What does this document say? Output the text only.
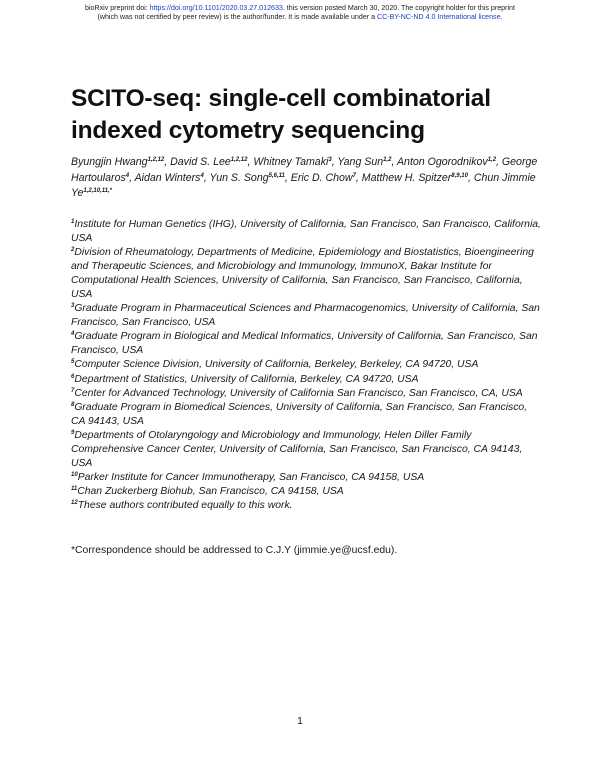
bioRxiv preprint doi: https://doi.org/10.1101/2020.03.27.012633. this version posted March 30, 2020. The copyright holder for this preprint
(which was not certified by peer review) is the author/funder. It is made available under a CC-BY-NC-ND 4.0 International license.
SCITO-seq: single-cell combinatorial indexed cytometry sequencing

Byungjin Hwang$^{1,2,12}$, David S. Lee$^{1,2,12}$, Whitney Tamaki$^3$, Yang Sun$^{1,2}$, Anton Ogorodnikov$^{1,2}$, George Hartoularos$^4$, Aidan Winters$^4$, Yun S. Song$^{5,6,11}$, Eric D. Chow$^7$, Matthew H. Spitzer$^{8,9,10}$, Chun Jimmie $Ye^{1,2,10,11,*}$

$^1$Institute for Human Genetics (IHG), University of California, San Francisco, San Francisco, California, USA
$^2$Division of Rheumatology, Departments of Medicine, Epidemiology and Biostatistics, Bioengineering and Therapeutic Sciences, and Microbiology and Immunology, ImmunoX, Bakar Institute for Computational Health Sciences, University of California, San Francisco, San Francisco, California, USA
$^3$Graduate Program in Pharmaceutical Sciences and Pharmacogenomics, University of California, San Francisco, San Francisco, USA
$^4$Graduate Program in Biological and Medical Informatics, University of California, San Francisco, San Francisco, USA
$^5$Computer Science Division, University of California, Berkeley, Berkeley, CA 94720, USA
$^6$Department of Statistics, University of California, Berkeley, CA 94720, USA
$^7$Center for Advanced Technology, University of California San Francisco, San Francisco, CA, USA
$^8$Graduate Program in Biomedical Sciences, University of California, San Francisco, San Francisco, CA 94143, USA
$^9$Departments of Otolaryngology and Microbiology and Immunology, Helen Diller Family Comprehensive Cancer Center, University of California, San Francisco, San Francisco, CA 94143, USA
$^{10}$Parker Institute for Cancer Immunotherapy, San Francisco, CA 94158, USA
$^{11}$Chan Zuckerberg Biohub, San Francisco, CA 94158, USA
$^{12}$These authors contributed equally to this work.

*Correspondence should be addressed to C.J.Y (jimmie.ye@ucsf.edu).

1
